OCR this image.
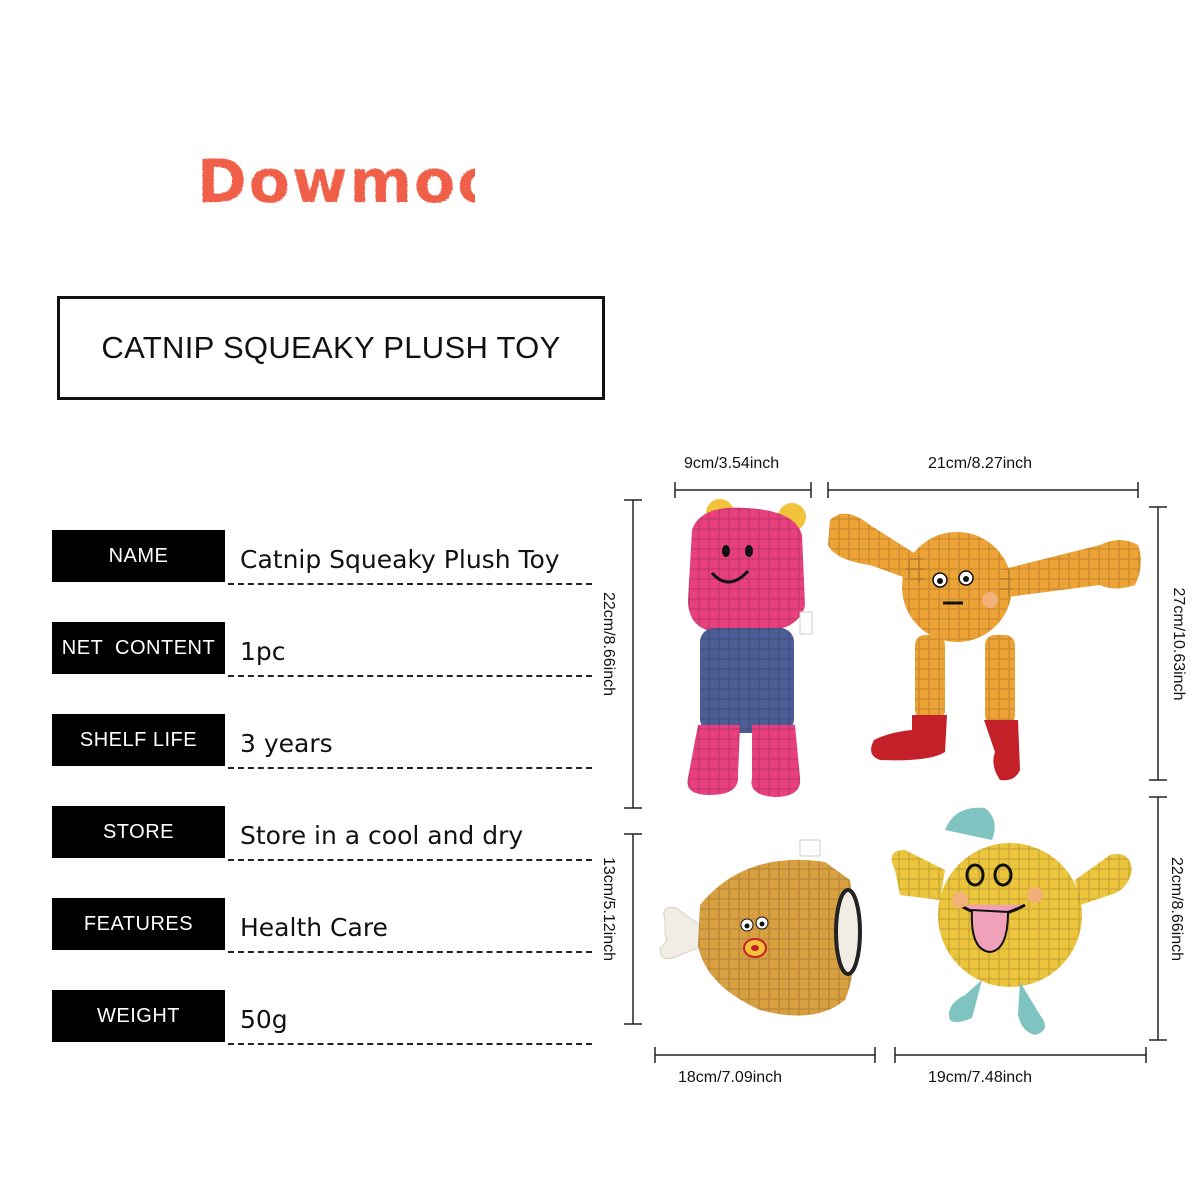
Dowmoo
CATNIP SQUEAKY PLUSH TOY
NAME	Catnip Squeaky Plush Toy
NET  CONTENT 1pc
SHELF LIFE	3 years
STORE	Store in a cool and dry
FEATURES	Health Care
WEIGHT	50g
9cm/3.54inch	21cm/8.27inch
18cm/7.09inch	19cm/7.48inch
22cm/8.66inch	27cm/10.63inch
13cm/5.12inch	22cm/8.66inch
